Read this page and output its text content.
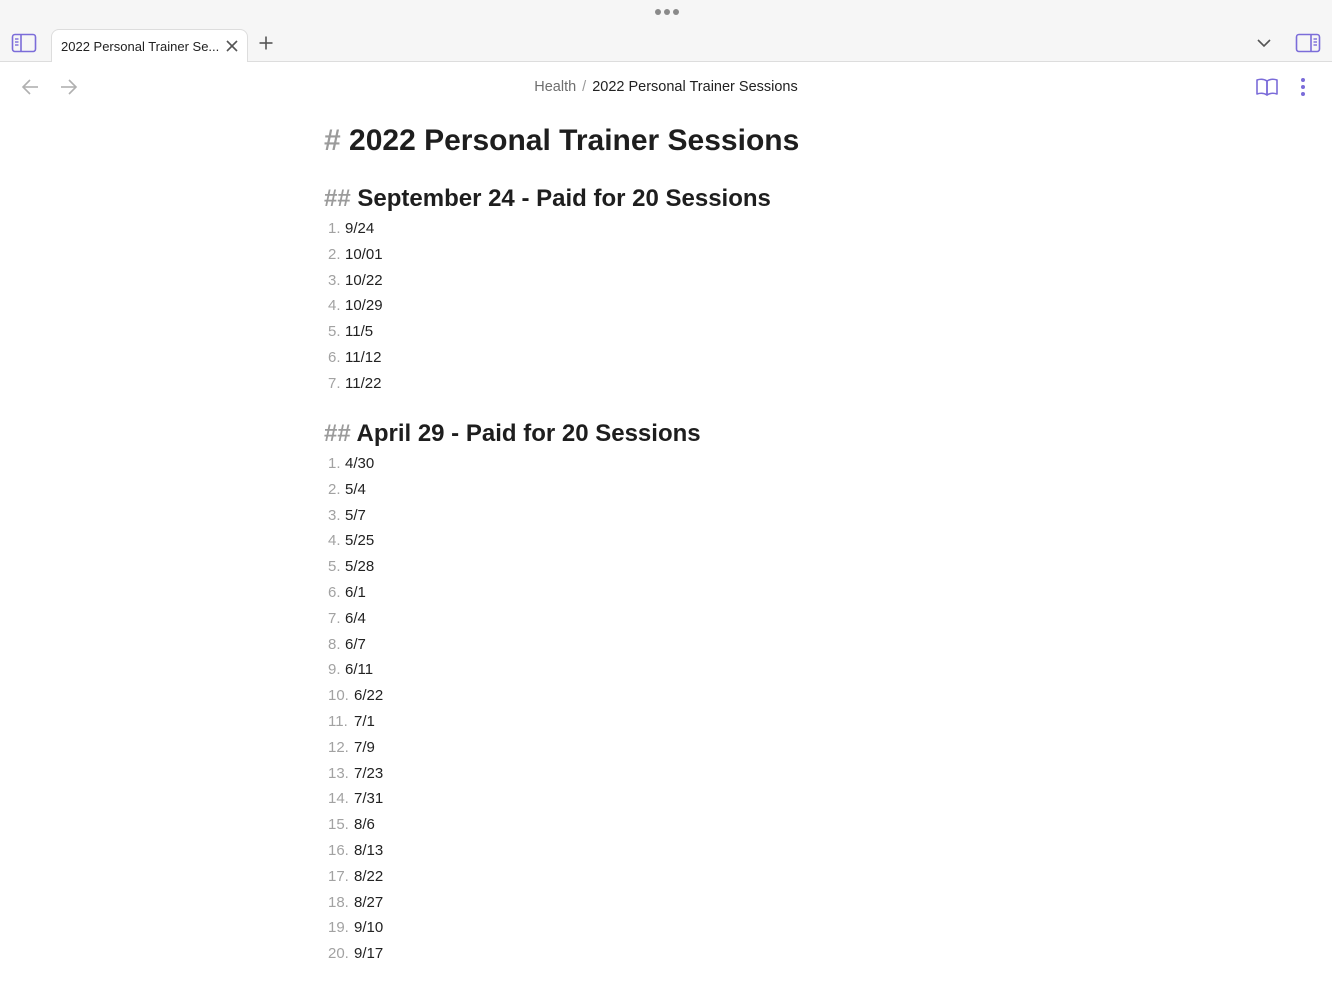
2022 Personal Trainer Se...
Health / 2022 Personal Trainer Sessions
# 2022 Personal Trainer Sessions
## September 24 - Paid for 20 Sessions
1. 9/24
2. 10/01
3. 10/22
4. 10/29
5. 11/5
6. 11/12
7. 11/22
## April 29 - Paid for 20 Sessions
1. 4/30
2. 5/4
3. 5/7
4. 5/25
5. 5/28
6. 6/1
7. 6/4
8. 6/7
9. 6/11
10. 6/22
11. 7/1
12. 7/9
13. 7/23
14. 7/31
15. 8/6
16. 8/13
17. 8/22
18. 8/27
19. 9/10
20. 9/17
